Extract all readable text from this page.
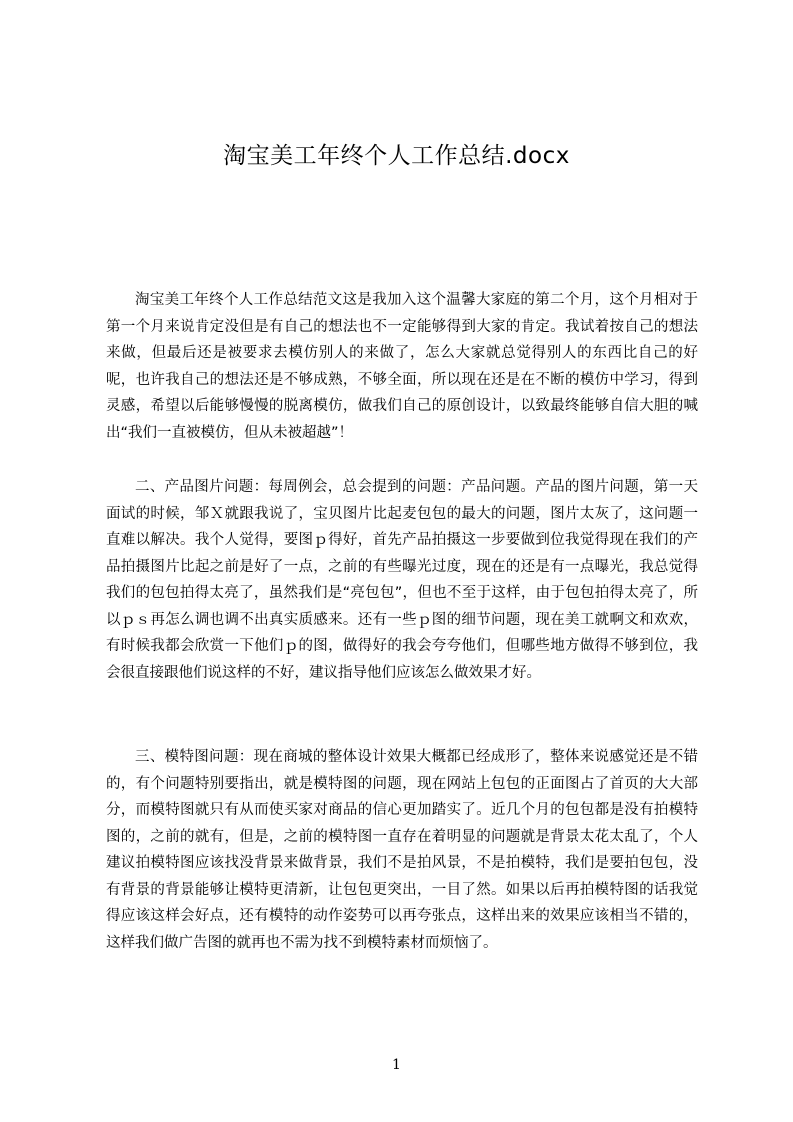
淘宝美工年终个人工作总结.docx

淘宝美工年终个人工作总结范文这是我加入这个温馨大家庭的第二个月，这个月相对于第一个月来说肯定没但是有自己的想法也不一定能够得到大家的肯定。我试着按自己的想法来做，但最后还是被要求去模仿别人的来做了，怎么大家就总觉得别人的东西比自己的好呢，也许我自己的想法还是不够成熟，不够全面，所以现在还是在不断的模仿中学习，得到灵感，希望以后能够慢慢的脱离模仿，做我们自己的原创设计，以致最终能够自信大胆的喊出“我们一直被模仿，但从未被超越”！

二、产品图片问题：每周例会，总会提到的问题：产品问题。产品的图片问题，第一天面试的时候，邹Ｘ就跟我说了，宝贝图片比起麦包包的最大的问题，图片太灰了，这问题一直难以解决。我个人觉得，要图ｐ得好，首先产品拍摄这一步要做到位我觉得现在我们的产品拍摄图片比起之前是好了一点，之前的有些曝光过度，现在的还是有一点曝光，我总觉得我们的包包拍得太亮了，虽然我们是“亮包包”，但也不至于这样，由于包包拍得太亮了，所以ｐｓ再怎么调也调不出真实质感来。还有一些ｐ图的细节问题，现在美工就啊文和欢欢，有时候我都会欣赏一下他们ｐ的图，做得好的我会夸夸他们，但哪些地方做得不够到位，我会很直接跟他们说这样的不好，建议指导他们应该怎么做效果才好。

三、模特图问题：现在商城的整体设计效果大概都已经成形了，整体来说感觉还是不错的，有个问题特别要指出，就是模特图的问题，现在网站上包包的正面图占了首页的大大部分，而模特图就只有从而使买家对商品的信心更加踏实了。近几个月的包包都是没有拍模特图的，之前的就有，但是，之前的模特图一直存在着明显的问题就是背景太花太乱了，个人建议拍模特图应该找没背景来做背景，我们不是拍风景，不是拍模特，我们是要拍包包，没有背景的背景能够让模特更清新，让包包更突出，一目了然。如果以后再拍模特图的话我觉得应该这样会好点，还有模特的动作姿势可以再夸张点，这样出来的效果应该相当不错的，这样我们做广告图的就再也不需为找不到模特素材而烦恼了。

1
